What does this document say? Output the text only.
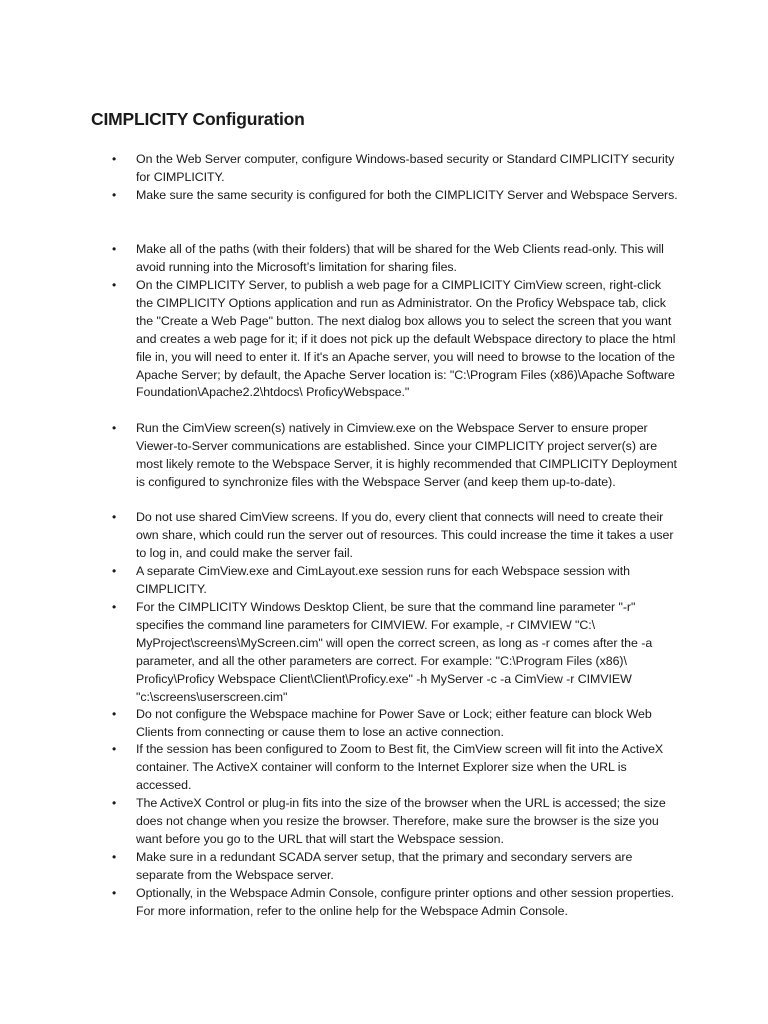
CIMPLICITY Configuration
•	On the Web Server computer, configure Windows-based security or Standard CIMPLICITY security for CIMPLICITY.
•	Make sure the same security is configured for both the CIMPLICITY Server and Webspace Servers.
•	Make all of the paths (with their folders) that will be shared for the Web Clients read-only. This will avoid running into the Microsoft’s limitation for sharing files.
•	On the CIMPLICITY Server, to publish a web page for a CIMPLICITY CimView screen, right-click the CIMPLICITY Options application and run as Administrator. On the Proficy Webspace tab, click the "Create a Web Page" button. The next dialog box allows you to select the screen that you want and creates a web page for it; if it does not pick up the default Webspace directory to place the html file in, you will need to enter it. If it's an Apache server, you will need to browse to the location of the Apache Server; by default, the Apache Server location is: "C:\Program Files (x86)\Apache Software Foundation\Apache2.2\htdocs\ ProficyWebspace."
•	Run the CimView screen(s) natively in Cimview.exe on the Webspace Server to ensure proper Viewer-to-Server communications are established. Since your CIMPLICITY project server(s) are most likely remote to the Webspace Server, it is highly recommended that CIMPLICITY Deployment is configured to synchronize files with the Webspace Server (and keep them up-to-date).
•	Do not use shared CimView screens. If you do, every client that connects will need to create their own share, which could run the server out of resources. This could increase the time it takes a user to log in, and could make the server fail.
•	A separate CimView.exe and CimLayout.exe session runs for each Webspace session with CIMPLICITY.
•	For the CIMPLICITY Windows Desktop Client, be sure that the command line parameter "-r" specifies the command line parameters for CIMVIEW. For example, -r CIMVIEW "C:\ MyProject\screens\MyScreen.cim" will open the correct screen, as long as -r comes after the -a parameter, and all the other parameters are correct. For example: "C:\Program Files (x86)\ Proficy\Proficy Webspace Client\Client\Proficy.exe" -h MyServer -c -a CimView -r CIMVIEW "c:\screens\userscreen.cim"
•	Do not configure the Webspace machine for Power Save or Lock; either feature can block Web Clients from connecting or cause them to lose an active connection.
•	If the session has been configured to Zoom to Best fit, the CimView screen will fit into the ActiveX container. The ActiveX container will conform to the Internet Explorer size when the URL is accessed.
•	The ActiveX Control or plug-in fits into the size of the browser when the URL is accessed; the size does not change when you resize the browser. Therefore, make sure the browser is the size you want before you go to the URL that will start the Webspace session.
•	Make sure in a redundant SCADA server setup, that the primary and secondary servers are separate from the Webspace server.
•	Optionally, in the Webspace Admin Console, configure printer options and other session properties. For more information, refer to the online help for the Webspace Admin Console.
